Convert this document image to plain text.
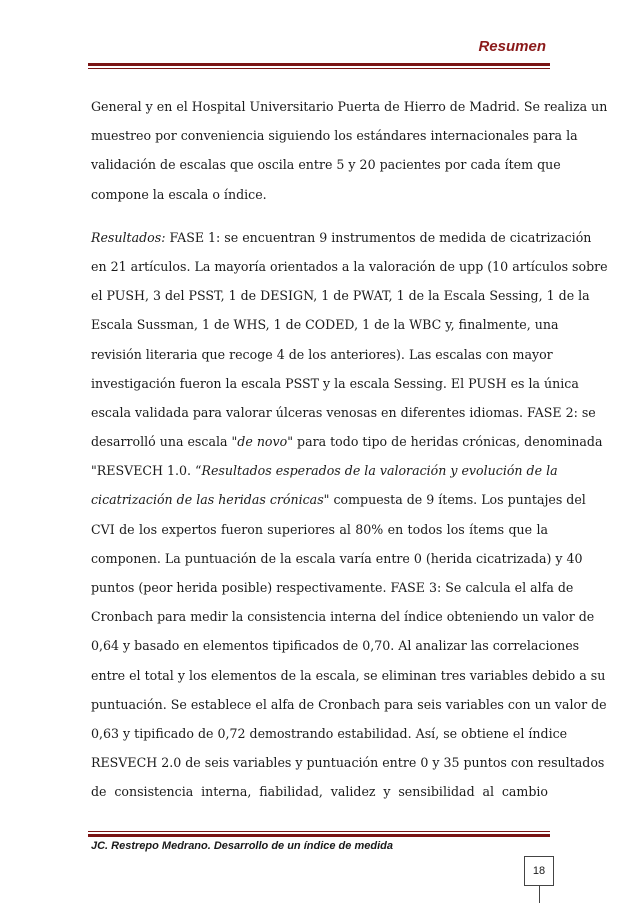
Resumen
General y en el Hospital Universitario Puerta de Hierro de Madrid. Se realiza un
muestreo por conveniencia siguiendo los estándares internacionales para la
validación de escalas que oscila entre 5 y 20 pacientes por cada ítem que
compone la escala o índice.
Resultados: FASE 1: se encuentran 9 instrumentos de medida de cicatrización
en 21 artículos. La mayoría orientados a la valoración de upp (10 artículos sobre
el PUSH, 3 del PSST, 1 de DESIGN, 1 de PWAT, 1 de la Escala Sessing, 1 de la
Escala Sussman, 1 de WHS, 1 de CODED, 1 de la WBC y, finalmente, una
revisión literaria que recoge 4 de los anteriores). Las escalas con mayor
investigación fueron la escala PSST y la escala Sessing. El PUSH es la única
escala validada para valorar úlceras venosas en diferentes idiomas. FASE 2: se
desarrolló una escala "de novo" para todo tipo de heridas crónicas, denominada
"RESVECH 1.0. “Resultados esperados de la valoración y evolución de la
cicatrización de las heridas crónicas" compuesta de 9 ítems. Los puntajes del
CVI de los expertos fueron superiores al 80% en todos los ítems que la
componen. La puntuación de la escala varía entre 0 (herida cicatrizada) y 40
puntos (peor herida posible) respectivamente. FASE 3: Se calcula el alfa de
Cronbach para medir la consistencia interna del índice obteniendo un valor de
0,64 y basado en elementos tipificados de 0,70. Al analizar las correlaciones
entre el total y los elementos de la escala, se eliminan tres variables debido a su
puntuación. Se establece el alfa de Cronbach para seis variables con un valor de
0,63 y tipificado de 0,72 demostrando estabilidad. Así, se obtiene el índice
RESVECH 2.0 de seis variables y puntuación entre 0 y 35 puntos con resultados
de consistencia interna, fiabilidad, validez y sensibilidad al cambio
JC. Restrepo Medrano. Desarrollo de un índice de medida
18
